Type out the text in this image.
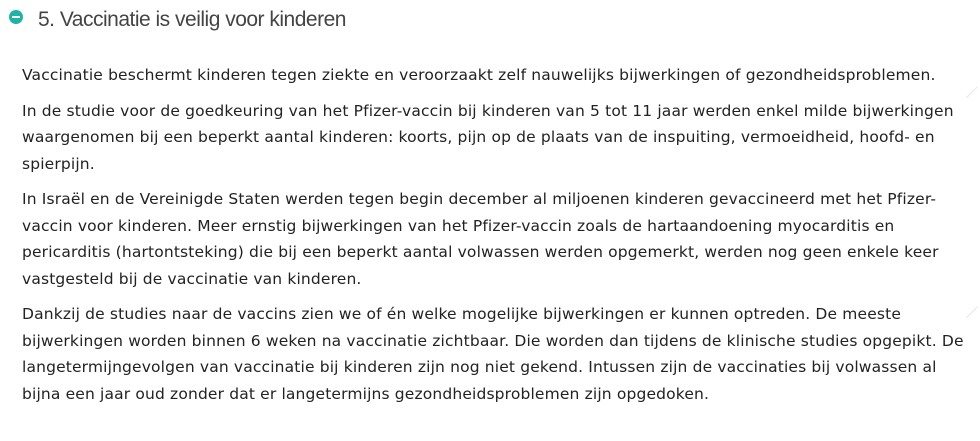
5. Vaccinatie is veilig voor kinderen

Vaccinatie beschermt kinderen tegen ziekte en veroorzaakt zelf nauwelijks bijwerkingen of gezondheidsproblemen.

In de studie voor de goedkeuring van het Pfizer-vaccin bij kinderen van 5 tot 11 jaar werden enkel milde bijwerkingen waargenomen bij een beperkt aantal kinderen: koorts, pijn op de plaats van de inspuiting, vermoeidheid, hoofd- en spierpijn.

In Israël en de Vereinigde Staten werden tegen begin december al miljoenen kinderen gevaccineerd met het Pfizer-vaccin voor kinderen. Meer ernstig bijwerkingen van het Pfizer-vaccin zoals de hartaandoening myocarditis en pericarditis (hartontsteking) die bij een beperkt aantal volwassen werden opgemerkt, werden nog geen enkele keer vastgesteld bij de vaccinatie van kinderen.

Dankzij de studies naar de vaccins zien we of én welke mogelijke bijwerkingen er kunnen optreden. De meeste bijwerkingen worden binnen 6 weken na vaccinatie zichtbaar. Die worden dan tijdens de klinische studies opgepikt. De langetermijngevolgen van vaccinatie bij kinderen zijn nog niet gekend. Intussen zijn de vaccinaties bij volwassen al bijna een jaar oud zonder dat er langetermijns gezondheidsproblemen zijn opgedoken.
